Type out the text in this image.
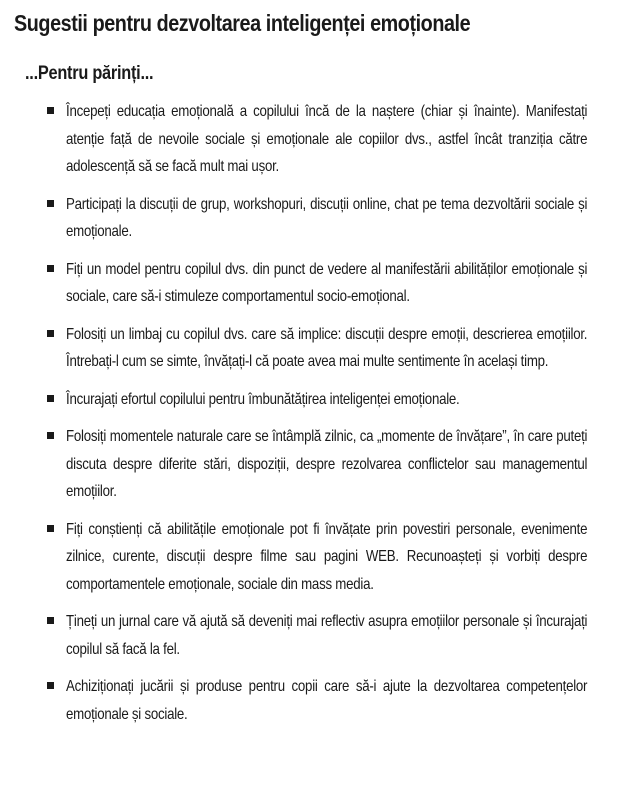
Sugestii pentru dezvoltarea inteligenței emoționale
...Pentru părinți...
Începeți educația emoțională a copilului încă de la naștere (chiar și înainte). Manifestați atenție față de nevoile sociale și emoționale ale copiilor dvs., astfel încât tranziția către adolescență să se facă mult mai ușor.
Participați la discuții de grup, workshopuri, discuții online, chat pe tema dezvoltării sociale și emoționale.
Fiți un model pentru copilul dvs. din punct de vedere al manifestării abilităților emoționale și sociale, care să-i stimuleze comportamentul socio-emoțional.
Folosiți un limbaj cu copilul dvs. care să implice: discuții despre emoții, descrierea emoțiilor. Întrebați-l cum se simte, învățați-l că poate avea mai multe sentimente în același timp.
Încurajați efortul copilului pentru îmbunătățirea inteligenței emoționale.
Folosiți momentele naturale care se întâmplă zilnic, ca „momente de învățare”, în care puteți discuta despre diferite stări, dispoziții, despre rezolvarea conflictelor sau managementul emoțiilor.
Fiți conștienți că abilitățile emoționale pot fi învățate prin povestiri personale, evenimente zilnice, curente, discuții despre filme sau pagini WEB. Recunoașteți și vorbiți despre comportamentele emoționale, sociale din mass media.
Țineți un jurnal care vă ajută să deveniți mai reflectiv asupra emoțiilor personale și încurajați copilul să facă la fel.
Achiziționați jucării și produse pentru copii care să-i ajute la dezvoltarea competențelor emoționale și sociale.
